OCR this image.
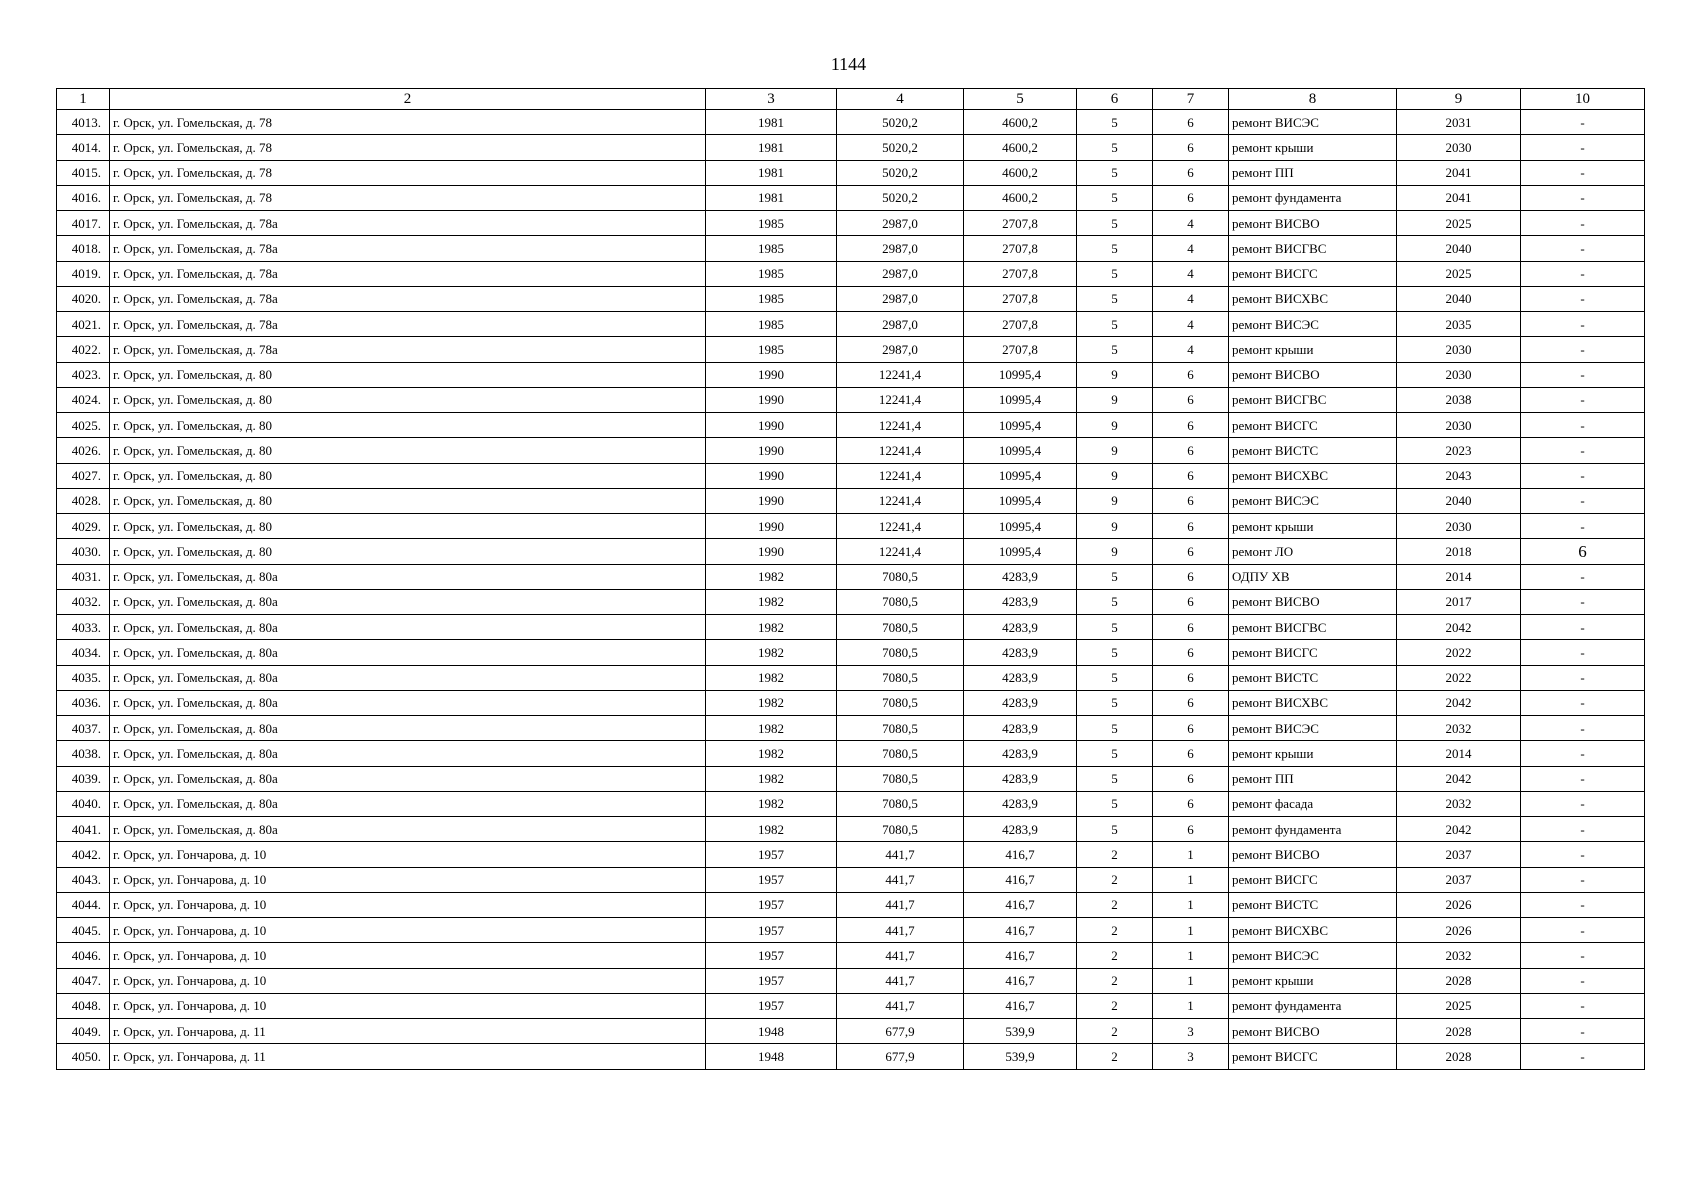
1144
1	2	3	4	5	6	7	8	9	10
4013.	г. Орск, ул. Гомельская, д. 78	1981	5020,2	4600,2	5	6	ремонт ВИСЭС	2031	-
4014.	г. Орск, ул. Гомельская, д. 78	1981	5020,2	4600,2	5	6	ремонт крыши	2030	-
4015.	г. Орск, ул. Гомельская, д. 78	1981	5020,2	4600,2	5	6	ремонт ПП	2041	-
4016.	г. Орск, ул. Гомельская, д. 78	1981	5020,2	4600,2	5	6	ремонт фундамента	2041	-
4017.	г. Орск, ул. Гомельская, д. 78а	1985	2987,0	2707,8	5	4	ремонт ВИСВО	2025	-
4018.	г. Орск, ул. Гомельская, д. 78а	1985	2987,0	2707,8	5	4	ремонт ВИСГВС	2040	-
4019.	г. Орск, ул. Гомельская, д. 78а	1985	2987,0	2707,8	5	4	ремонт ВИСГС	2025	-
4020.	г. Орск, ул. Гомельская, д. 78а	1985	2987,0	2707,8	5	4	ремонт ВИСХВС	2040	-
4021.	г. Орск, ул. Гомельская, д. 78а	1985	2987,0	2707,8	5	4	ремонт ВИСЭС	2035	-
4022.	г. Орск, ул. Гомельская, д. 78а	1985	2987,0	2707,8	5	4	ремонт крыши	2030	-
4023.	г. Орск, ул. Гомельская, д. 80	1990	12241,4	10995,4	9	6	ремонт ВИСВО	2030	-
4024.	г. Орск, ул. Гомельская, д. 80	1990	12241,4	10995,4	9	6	ремонт ВИСГВС	2038	-
4025.	г. Орск, ул. Гомельская, д. 80	1990	12241,4	10995,4	9	6	ремонт ВИСГС	2030	-
4026.	г. Орск, ул. Гомельская, д. 80	1990	12241,4	10995,4	9	6	ремонт ВИСТС	2023	-
4027.	г. Орск, ул. Гомельская, д. 80	1990	12241,4	10995,4	9	6	ремонт ВИСХВС	2043	-
4028.	г. Орск, ул. Гомельская, д. 80	1990	12241,4	10995,4	9	6	ремонт ВИСЭС	2040	-
4029.	г. Орск, ул. Гомельская, д. 80	1990	12241,4	10995,4	9	6	ремонт крыши	2030	-
4030.	г. Орск, ул. Гомельская, д. 80	1990	12241,4	10995,4	9	6	ремонт ЛО	2018	6
4031.	г. Орск, ул. Гомельская, д. 80а	1982	7080,5	4283,9	5	6	ОДПУ ХВ	2014	-
4032.	г. Орск, ул. Гомельская, д. 80а	1982	7080,5	4283,9	5	6	ремонт ВИСВО	2017	-
4033.	г. Орск, ул. Гомельская, д. 80а	1982	7080,5	4283,9	5	6	ремонт ВИСГВС	2042	-
4034.	г. Орск, ул. Гомельская, д. 80а	1982	7080,5	4283,9	5	6	ремонт ВИСГС	2022	-
4035.	г. Орск, ул. Гомельская, д. 80а	1982	7080,5	4283,9	5	6	ремонт ВИСТС	2022	-
4036.	г. Орск, ул. Гомельская, д. 80а	1982	7080,5	4283,9	5	6	ремонт ВИСХВС	2042	-
4037.	г. Орск, ул. Гомельская, д. 80а	1982	7080,5	4283,9	5	6	ремонт ВИСЭС	2032	-
4038.	г. Орск, ул. Гомельская, д. 80а	1982	7080,5	4283,9	5	6	ремонт крыши	2014	-
4039.	г. Орск, ул. Гомельская, д. 80а	1982	7080,5	4283,9	5	6	ремонт ПП	2042	-
4040.	г. Орск, ул. Гомельская, д. 80а	1982	7080,5	4283,9	5	6	ремонт фасада	2032	-
4041.	г. Орск, ул. Гомельская, д. 80а	1982	7080,5	4283,9	5	6	ремонт фундамента	2042	-
4042.	г. Орск, ул. Гончарова, д. 10	1957	441,7	416,7	2	1	ремонт ВИСВО	2037	-
4043.	г. Орск, ул. Гончарова, д. 10	1957	441,7	416,7	2	1	ремонт ВИСГС	2037	-
4044.	г. Орск, ул. Гончарова, д. 10	1957	441,7	416,7	2	1	ремонт ВИСТС	2026	-
4045.	г. Орск, ул. Гончарова, д. 10	1957	441,7	416,7	2	1	ремонт ВИСХВС	2026	-
4046.	г. Орск, ул. Гончарова, д. 10	1957	441,7	416,7	2	1	ремонт ВИСЭС	2032	-
4047.	г. Орск, ул. Гончарова, д. 10	1957	441,7	416,7	2	1	ремонт крыши	2028	-
4048.	г. Орск, ул. Гончарова, д. 10	1957	441,7	416,7	2	1	ремонт фундамента	2025	-
4049.	г. Орск, ул. Гончарова, д. 11	1948	677,9	539,9	2	3	ремонт ВИСВО	2028	-
4050.	г. Орск, ул. Гончарова, д. 11	1948	677,9	539,9	2	3	ремонт ВИСГС	2028	-
